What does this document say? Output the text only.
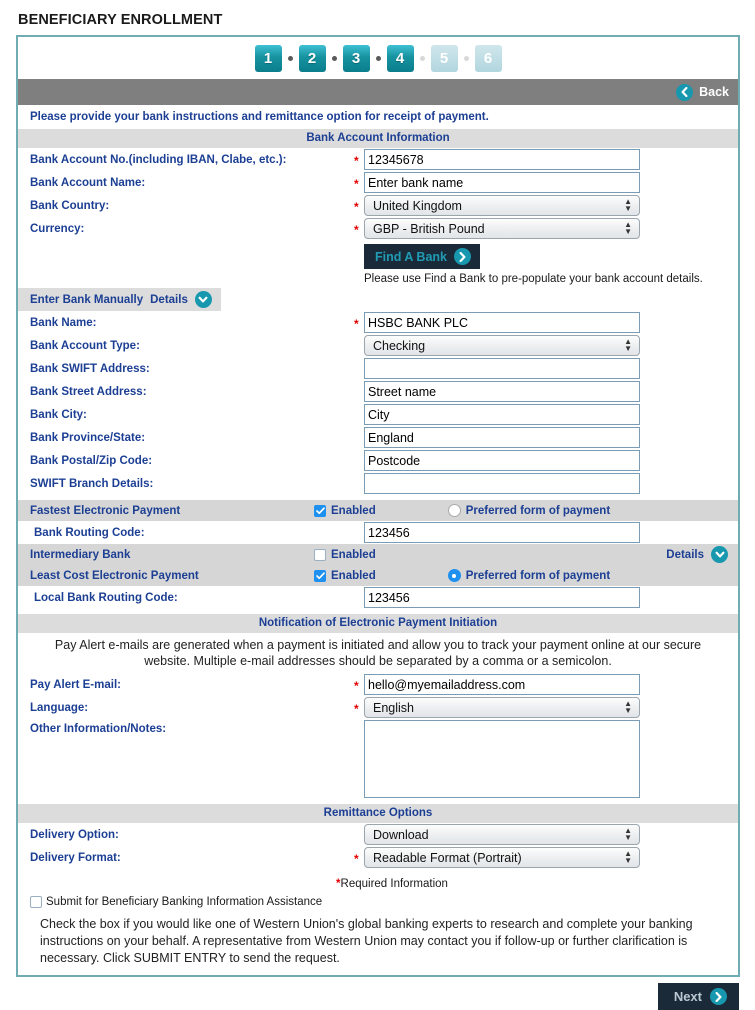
BENEFICIARY ENROLLMENT
1	2	3	4	5	6
Back
Please provide your bank instructions and remittance option for receipt of payment.
Bank Account Information
Bank Account No.(including IBAN, Clabe, etc.):	*
12345678
Bank Account Name:	*
Enter bank name
Bank Country:	*	United Kingdom	▲
▼
Currency:	*	GBP - British Pound	▲
▼
Find A Bank
Please use Find a Bank to pre-populate your bank account details.
Enter Bank Manually Details
Bank Name:	*
HSBC BANK PLC
Bank Account Type:	Checking	▲
▼
Bank SWIFT Address:
Bank Street Address:
Street name
Bank City:
City
Bank Province/State:
England
Bank Postal/Zip Code:
Postcode
SWIFT Branch Details:
Fastest Electronic Payment	Enabled	Preferred form of payment
Bank Routing Code:
123456
Intermediary Bank	Enabled	Details
Least Cost Electronic Payment	Enabled	Preferred form of payment
Local Bank Routing Code:
123456
Notification of Electronic Payment Initiation
Pay Alert e-mails are generated when a payment is initiated and allow you to track your payment online at our secure website. Multiple e-mail addresses should be separated by a comma or a semicolon.
Pay Alert E-mail:	*
hello@myemailaddress.com
Language:	*	English	▲
▼
Other Information/Notes:
Remittance Options
Delivery Option:	Download	▲
▼
Delivery Format:	*	Readable Format (Portrait)	▲
▼
*Required Information
Submit for Beneficiary Banking Information Assistance
Check the box if you would like one of Western Union's global banking experts to research and complete your banking instructions on your behalf. A representative from Western Union may contact you if follow-up or further clarification is necessary. Click SUBMIT ENTRY to send the request.
Next
